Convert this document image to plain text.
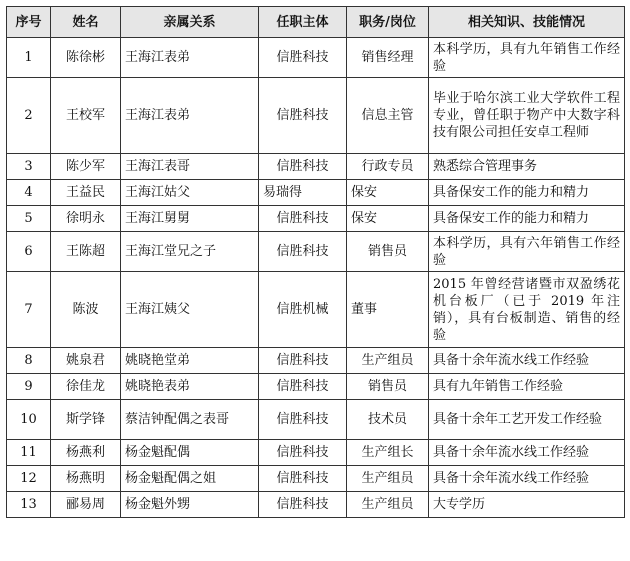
序号	姓名	亲属关系	任职主体	职务/岗位	相关知识、技能情况
1	陈徐彬	王海江表弟	信胜科技	销售经理	本科学历，具有九年销售工作经验
2	王校军	王海江表弟	信胜科技	信息主管	毕业于哈尔滨工业大学软件工程专业，曾任职于物产中大数字科技有限公司担任安卓工程师
3	陈少军	王海江表哥	信胜科技	行政专员	熟悉综合管理事务
4	王益民	王海江姑父	易瑞得	保安	具备保安工作的能力和精力
5	徐明永	王海江舅舅	信胜科技	保安	具备保安工作的能力和精力
6	王陈超	王海江堂兄之子	信胜科技	销售员	本科学历，具有六年销售工作经验
7	陈波	王海江姨父	信胜机械	董事	2015 年曾经营诸暨市双盈绣花机台板厂（已于 2019 年注销），具有台板制造、销售的经验
8	姚泉君	姚晓艳堂弟	信胜科技	生产组员	具备十余年流水线工作经验
9	徐佳龙	姚晓艳表弟	信胜科技	销售员	具有九年销售工作经验
10	斯学锋	蔡洁钟配偶之表哥	信胜科技	技术员	具备十余年工艺开发工作经验
11	杨燕利	杨金魁配偶	信胜科技	生产组长	具备十余年流水线工作经验
12	杨燕明	杨金魁配偶之姐	信胜科技	生产组员	具备十余年流水线工作经验
13	郦易周	杨金魁外甥	信胜科技	生产组员	大专学历
